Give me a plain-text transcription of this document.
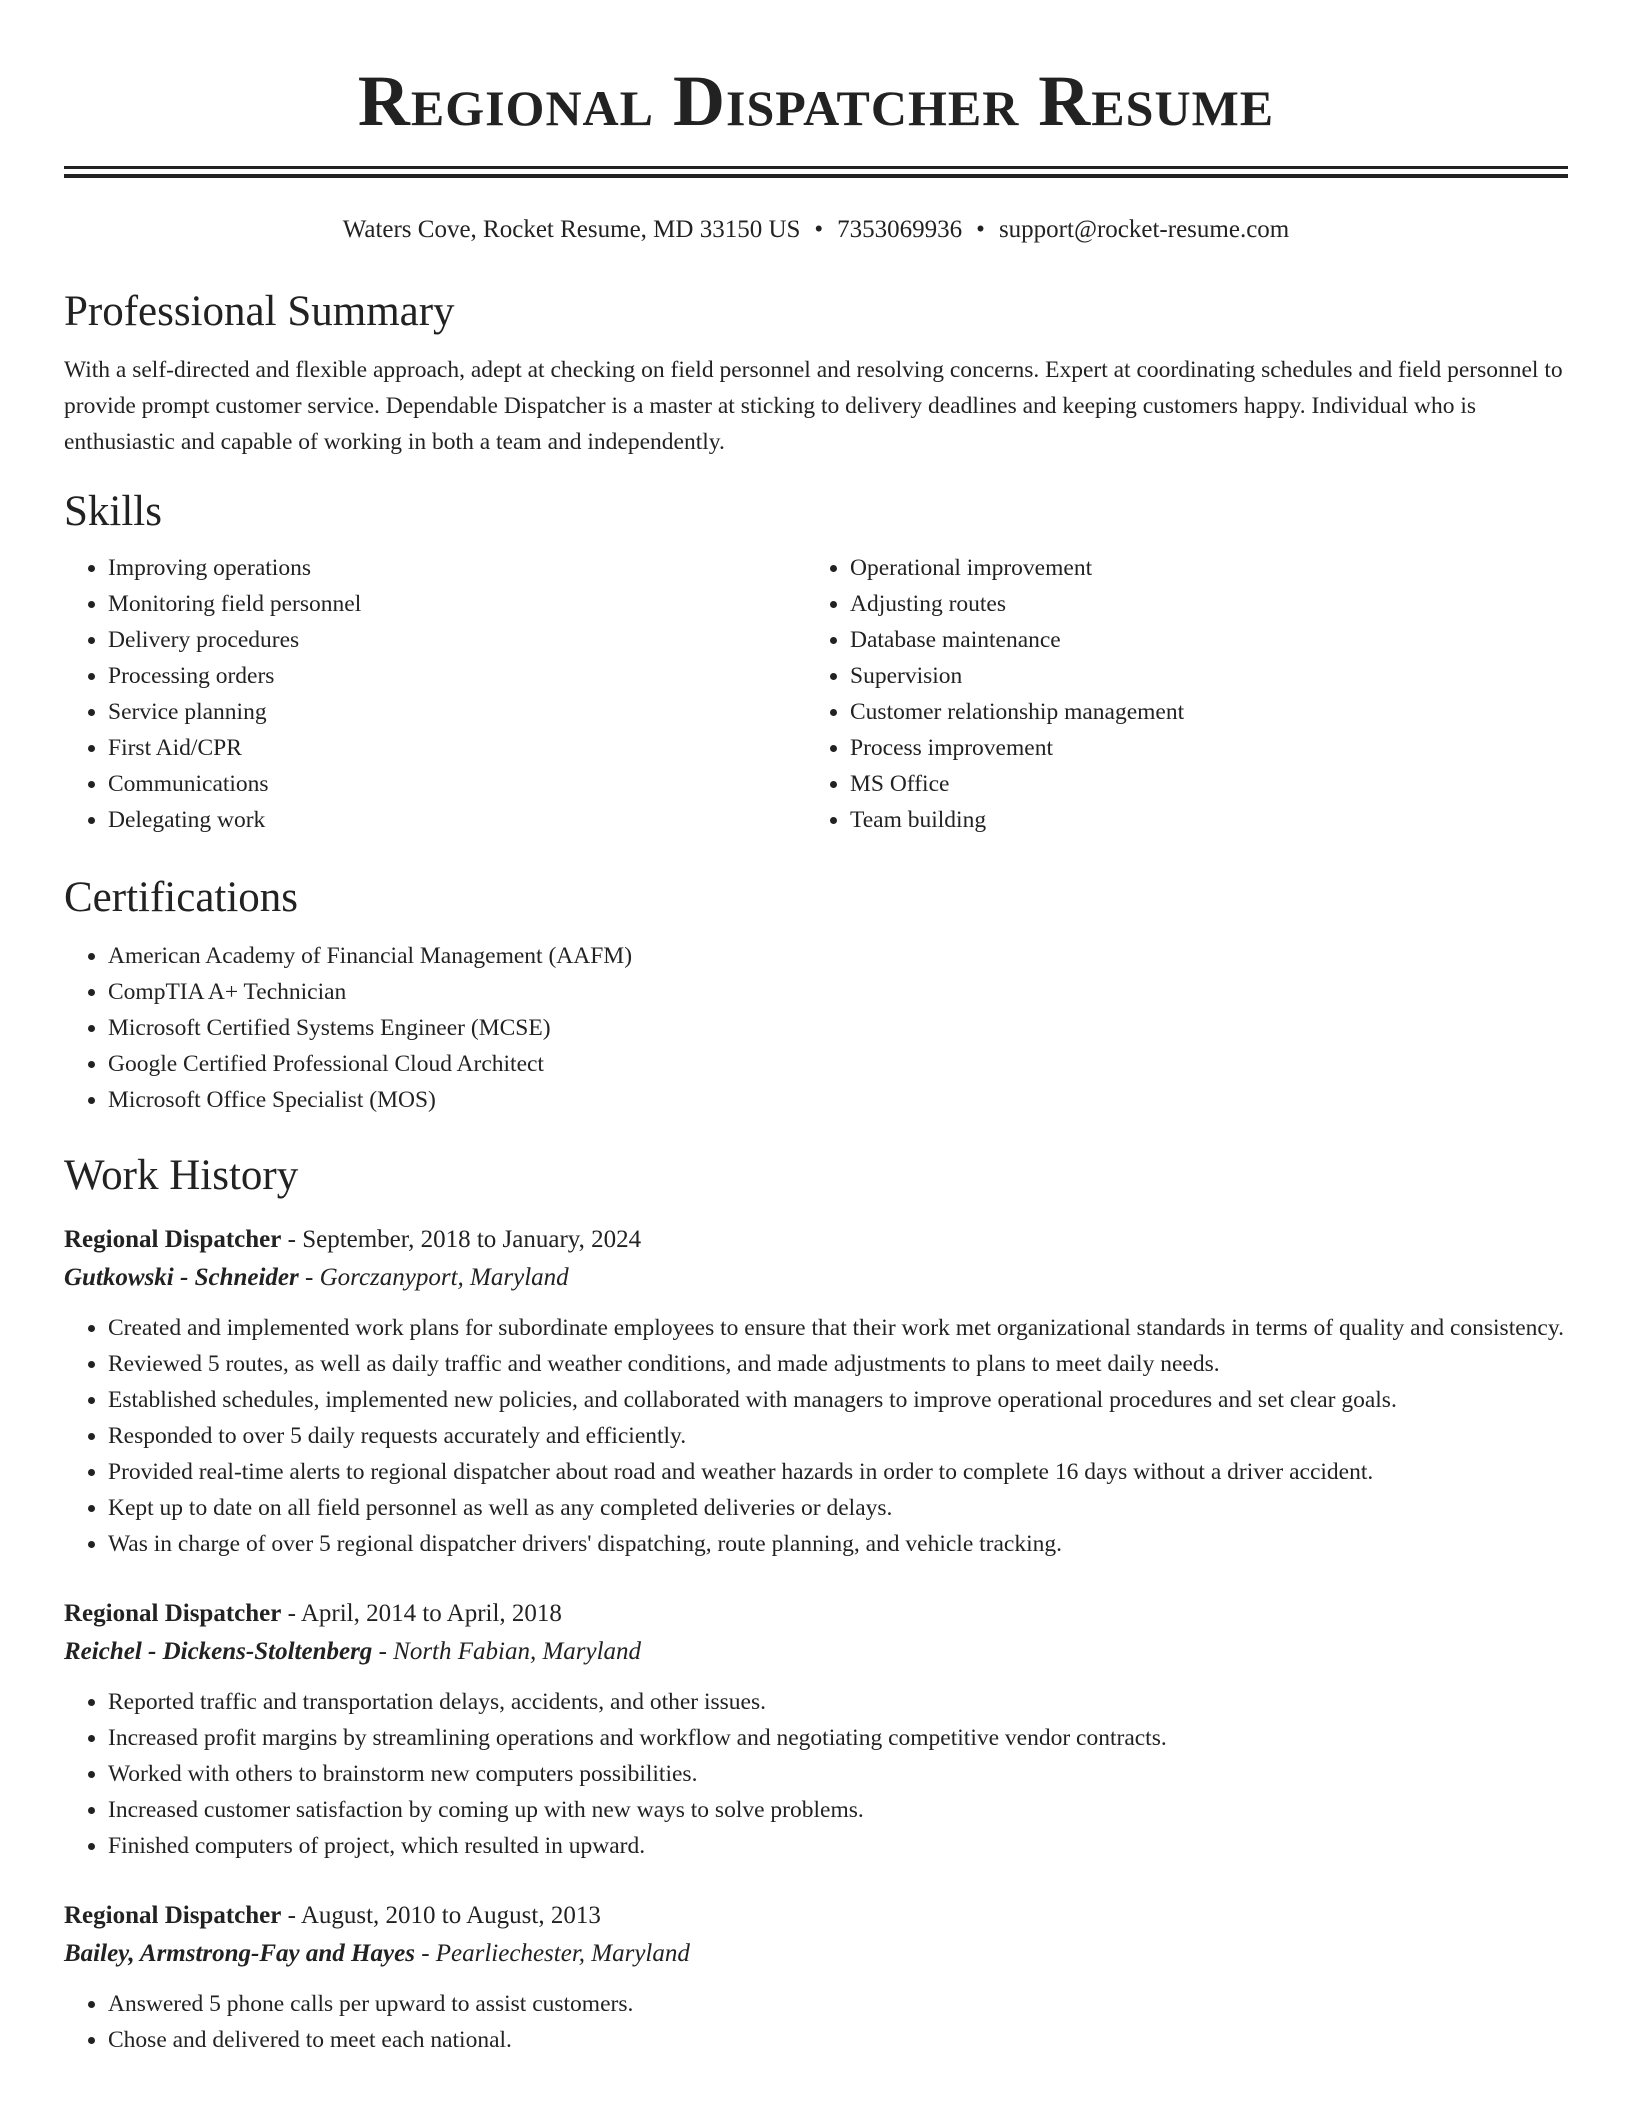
Regional Dispatcher Resume
Waters Cove, Rocket Resume, MD 33150 US • 7353069936 • support@rocket-resume.com
Professional Summary

With a self-directed and flexible approach, adept at checking on field personnel and resolving concerns. Expert at coordinating schedules and field personnel to provide prompt customer service. Dependable Dispatcher is a master at sticking to delivery deadlines and keeping customers happy. Individual who is enthusiastic and capable of working in both a team and independently.

Skills
• Improving operations
• Monitoring field personnel
• Delivery procedures
• Processing orders
• Service planning
• First Aid/CPR
• Communications
• Delegating work
• Operational improvement
• Adjusting routes
• Database maintenance
• Supervision
• Customer relationship management
• Process improvement
• MS Office
• Team building
Certifications
• American Academy of Financial Management (AAFM)
• CompTIA A+ Technician
• Microsoft Certified Systems Engineer (MCSE)
• Google Certified Professional Cloud Architect
• Microsoft Office Specialist (MOS)
Work History
Regional Dispatcher - September, 2018 to January, 2024
Gutkowski - Schneider - Gorczanyport, Maryland
• Created and implemented work plans for subordinate employees to ensure that their work met organizational standards in terms of quality and consistency.
• Reviewed 5 routes, as well as daily traffic and weather conditions, and made adjustments to plans to meet daily needs.
• Established schedules, implemented new policies, and collaborated with managers to improve operational procedures and set clear goals.
• Responded to over 5 daily requests accurately and efficiently.
• Provided real-time alerts to regional dispatcher about road and weather hazards in order to complete 16 days without a driver accident.
• Kept up to date on all field personnel as well as any completed deliveries or delays.
• Was in charge of over 5 regional dispatcher drivers' dispatching, route planning, and vehicle tracking.
Regional Dispatcher - April, 2014 to April, 2018
Reichel - Dickens-Stoltenberg - North Fabian, Maryland
• Reported traffic and transportation delays, accidents, and other issues.
• Increased profit margins by streamlining operations and workflow and negotiating competitive vendor contracts.
• Worked with others to brainstorm new computers possibilities.
• Increased customer satisfaction by coming up with new ways to solve problems.
• Finished computers of project, which resulted in upward.
Regional Dispatcher - August, 2010 to August, 2013
Bailey, Armstrong-Fay and Hayes - Pearliechester, Maryland
• Answered 5 phone calls per upward to assist customers.
• Chose and delivered to meet each national.
